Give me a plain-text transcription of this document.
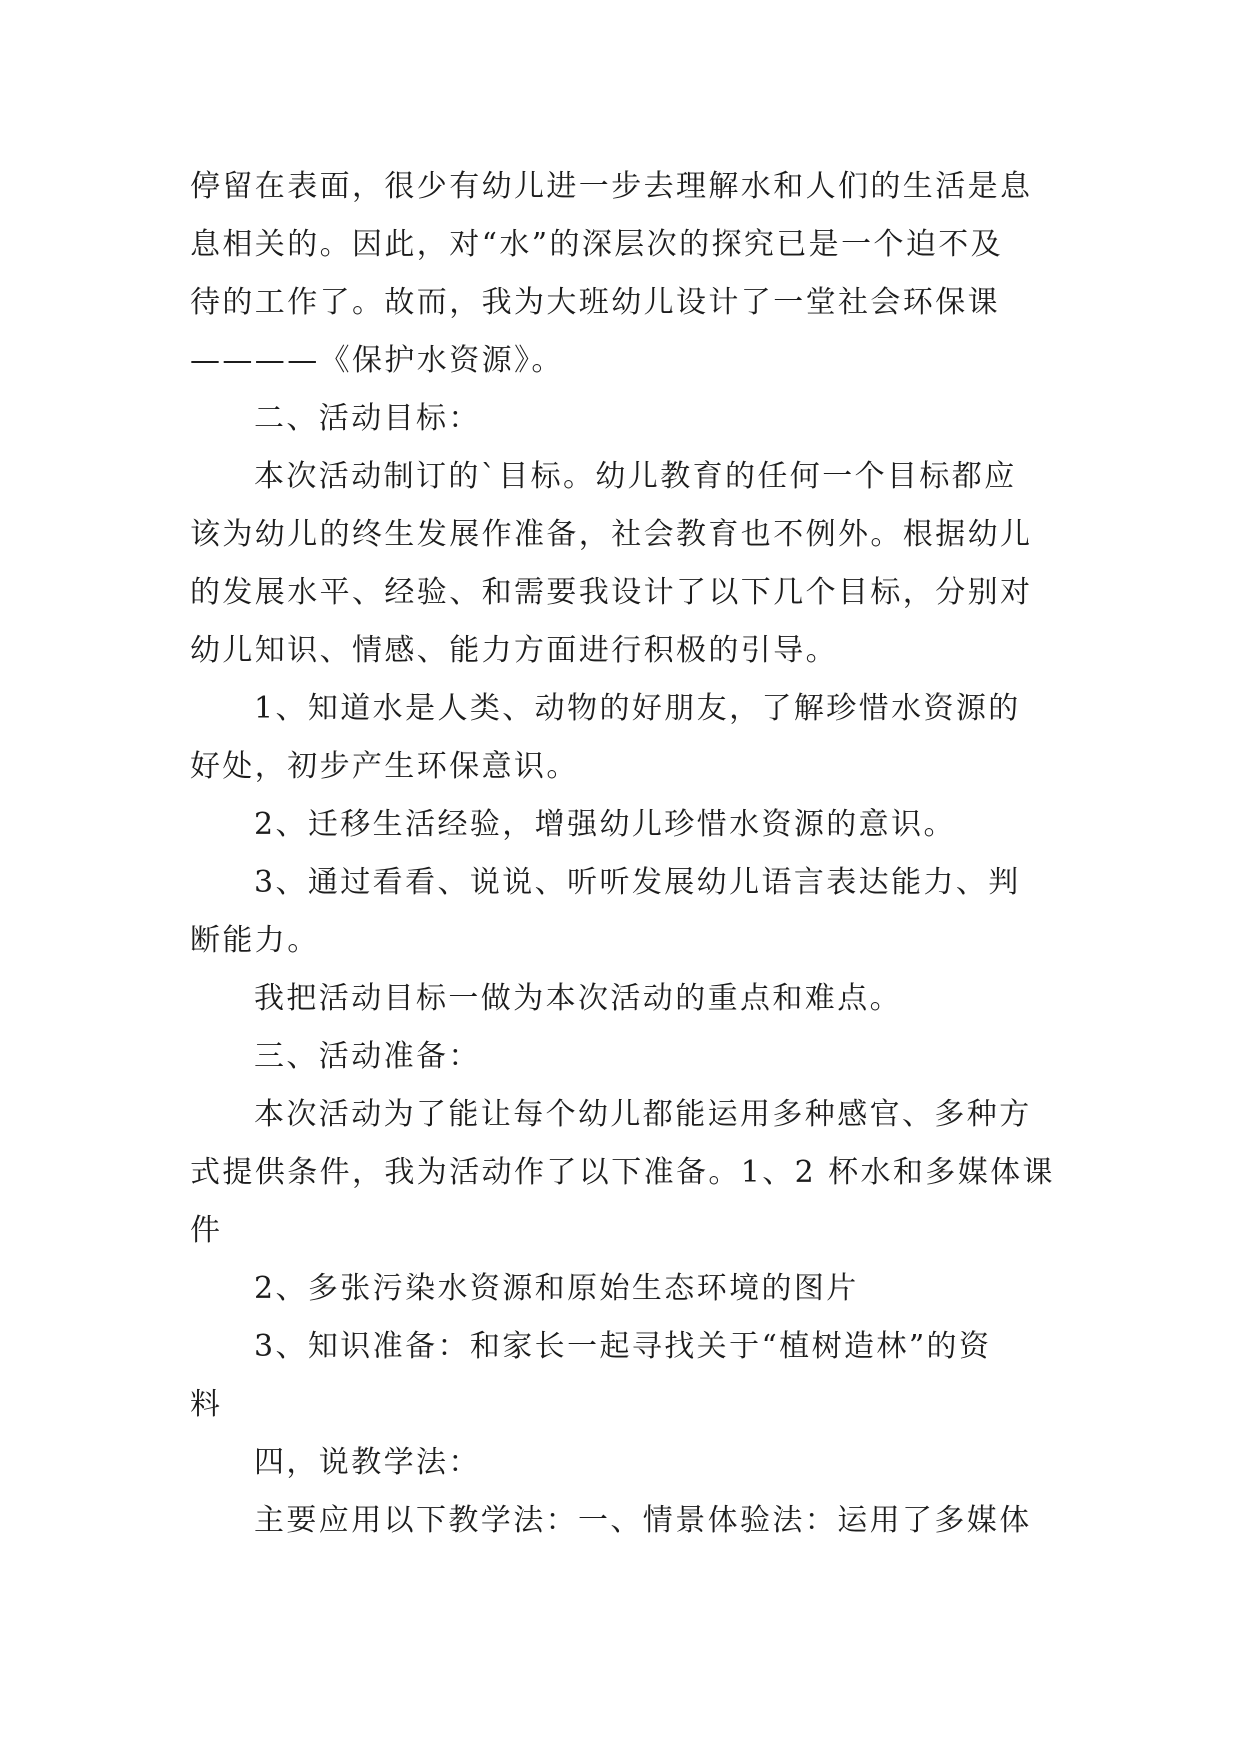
停留在表面，很少有幼儿进一步去理解水和人们的生活是息
息相关的。因此，对“水”的深层次的探究已是一个迫不及
待的工作了。故而，我为大班幼儿设计了一堂社会环保课
————《保护水资源》。
二、活动目标：
本次活动制订的`目标。幼儿教育的任何一个目标都应
该为幼儿的终生发展作准备，社会教育也不例外。根据幼儿
的发展水平、经验、和需要我设计了以下几个目标，分别对
幼儿知识、情感、能力方面进行积极的引导。
1、知道水是人类、动物的好朋友，了解珍惜水资源的
好处，初步产生环保意识。
2、迁移生活经验，增强幼儿珍惜水资源的意识。
3、通过看看、说说、听听发展幼儿语言表达能力、判
断能力。
我把活动目标一做为本次活动的重点和难点。
三、活动准备：
本次活动为了能让每个幼儿都能运用多种感官、多种方
式提供条件，我为活动作了以下准备。1、2 杯水和多媒体课
件
2、多张污染水资源和原始生态环境的图片
3、知识准备：和家长一起寻找关于“植树造林”的资
料
四，说教学法：
主要应用以下教学法：一、情景体验法：运用了多媒体
